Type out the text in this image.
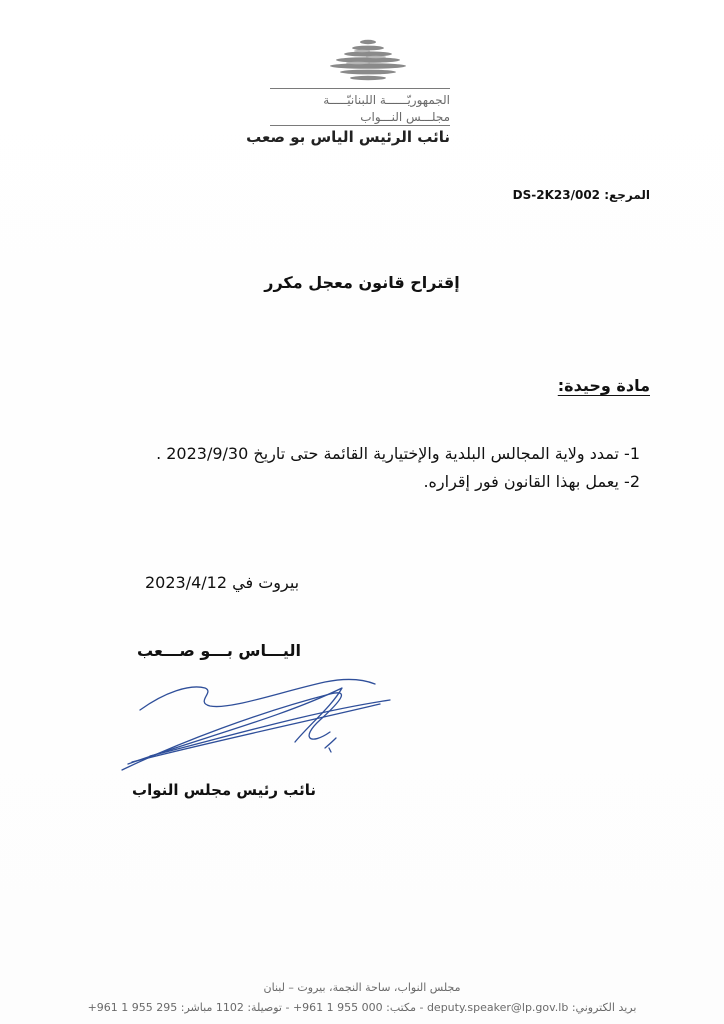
الجمهوريّــــــة اللبنانيّـــــة
مجلـــس النـــواب
نائب الرئيس الياس بو صعب
المرجع: DS-2K23/002
إقتراح قانون معجل مكرر
مادة وحيدة:
1- تمدد ولاية المجالس البلدية والإختيارية القائمة حتى تاريخ 2023/9/30 .
2- يعمل بهذا القانون فور إقراره.
بيروت في 2023/4/12
اليـــاس بـــو صـــعب
نائب رئيس مجلس النواب
مجلس النواب، ساحة النجمة، بيروت – لبنان
بريد الكتروني: deputy.speaker@lp.gov.lb - مكتب: 000 955 1 961+ - توصيلة: 1102 مباشر: 295 955 1 961+
